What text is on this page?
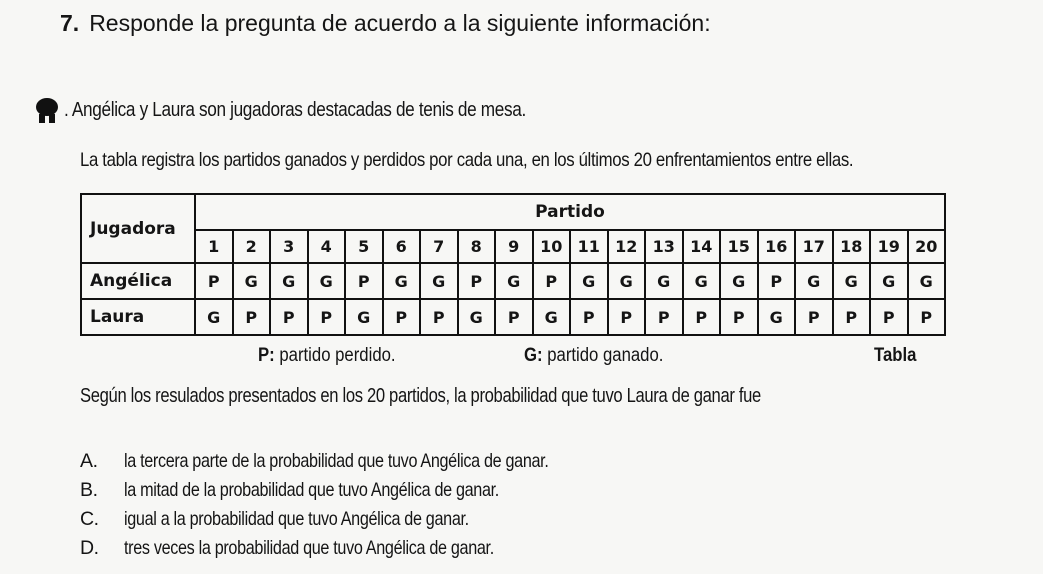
7. Responde la pregunta de acuerdo a la siguiente información:
. Angélica y Laura son jugadoras destacadas de tenis de mesa.
La tabla registra los partidos ganados y perdidos por cada una, en los últimos 20 enfrentamientos entre ellas.
Jugadora	Partido																			
	1	2	3	4	5	6	7	8	9	10	11	12	13	14	15	16	17	18	19	20
Angélica	P	G	G	G	P	G	G	P	G	P	G	G	G	G	G	P	G	G	G	G
Laura	G	P	P	P	G	P	P	G	P	G	P	P	P	P	P	G	P	P	P	P
P: partido perdido.	G: partido ganado.	Tabla
Según los resulados presentados en los 20 partidos, la probabilidad que tuvo Laura de ganar fue
A.	la tercera parte de la probabilidad que tuvo Angélica de ganar.
B.	la mitad de la probabilidad que tuvo Angélica de ganar.
C.	igual a la probabilidad que tuvo Angélica de ganar.
D.	tres veces la probabilidad que tuvo Angélica de ganar.
